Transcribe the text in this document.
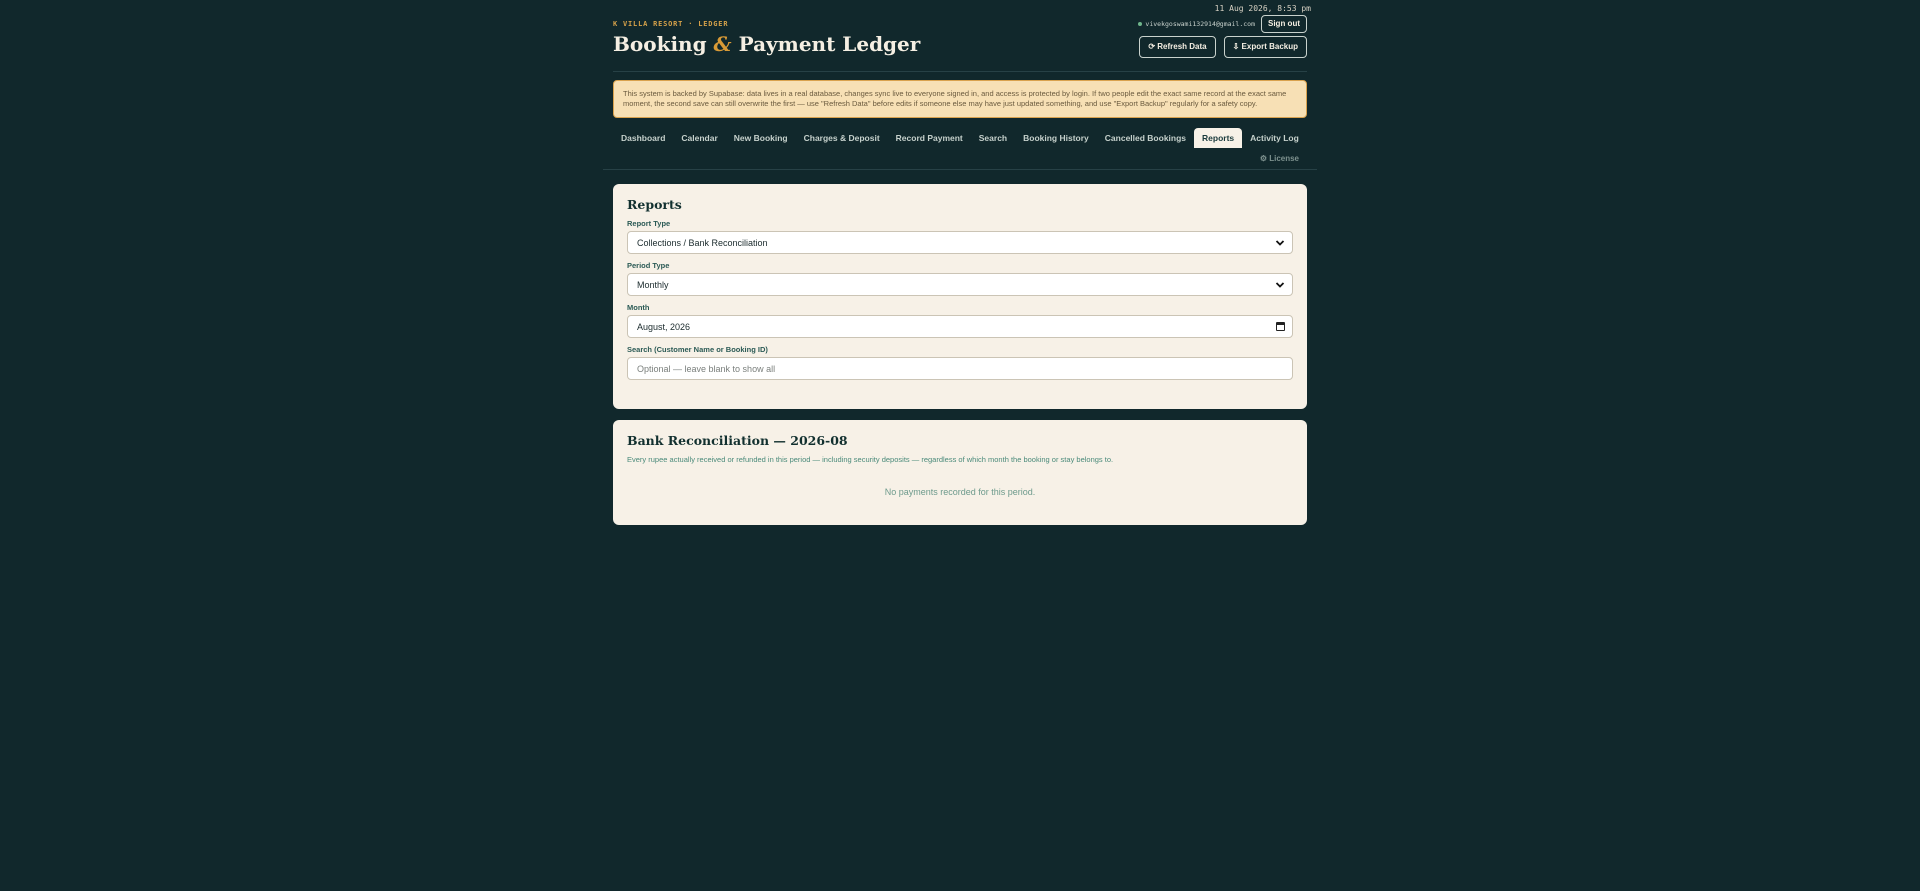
11 Aug 2026, 8:53 pm
K VILLA RESORT · LEDGER
Booking & Payment Ledger
vivekgoswami132914@gmail.com	Sign out
⟳ Refresh Data	⇩ Export Backup
This system is backed by Supabase: data lives in a real database, changes sync live to everyone signed in, and access is protected by login. If two people edit the exact same record at the exact same moment, the second save can still overwrite the first — use "Refresh Data" before edits if someone else may have just updated something, and use "Export Backup" regularly for a safety copy.
Dashboard	Calendar	New Booking	Charges & Deposit	Record Payment	Search	Booking History	Cancelled Bookings	Reports	Activity Log
⚙ License
Reports
Report Type
Collections / Bank Reconciliation
Period Type
Monthly
Month
August, 2026
Search (Customer Name or Booking ID)
Optional — leave blank to show all
Bank Reconciliation — 2026-08
Every rupee actually received or refunded in this period — including security deposits — regardless of which month the booking or stay belongs to.
No payments recorded for this period.
